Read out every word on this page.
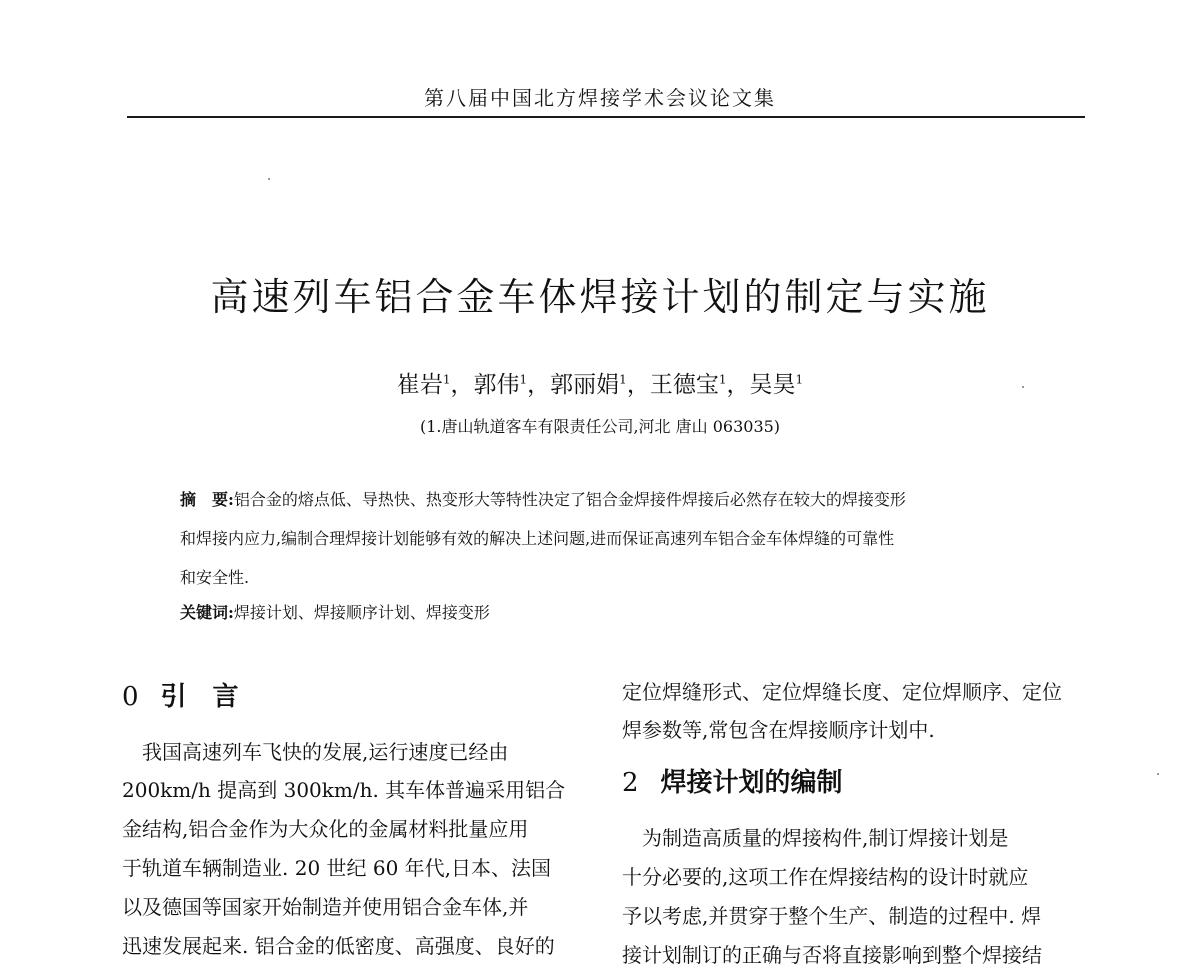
第八届中国北方焊接学术会议论文集
高速列车铝合金车体焊接计划的制定与实施
崔岩$^1$，郭伟$^1$，郭丽娟$^1$，王德宝$^1$，吴昊$^1$
(1.唐山轨道客车有限责任公司,河北 唐山 063035)
摘　要:铝合金的熔点低、导热快、热变形大等特性决定了铝合金焊接件焊接后必然存在较大的焊接变形
和焊接内应力,编制合理焊接计划能够有效的解决上述问题,进而保证高速列车铝合金车体焊缝的可靠性
和安全性.
关键词:焊接计划、焊接顺序计划、焊接变形
0 引　言
　我国高速列车飞快的发展,运行速度已经由
200km/h 提高到 300km/h. 其车体普遍采用铝合
金结构,铝合金作为大众化的金属材料批量应用
于轨道车辆制造业. 20 世纪 60 年代,日本、法国
以及德国等国家开始制造并使用铝合金车体,并
迅速发展起来. 铝合金的低密度、高强度、良好的
定位焊缝形式、定位焊缝长度、定位焊顺序、定位
焊参数等,常包含在焊接顺序计划中.
2 焊接计划的编制
　为制造高质量的焊接构件,制订焊接计划是
十分必要的,这项工作在焊接结构的设计时就应
予以考虑,并贯穿于整个生产、制造的过程中. 焊
接计划制订的正确与否将直接影响到整个焊接结
